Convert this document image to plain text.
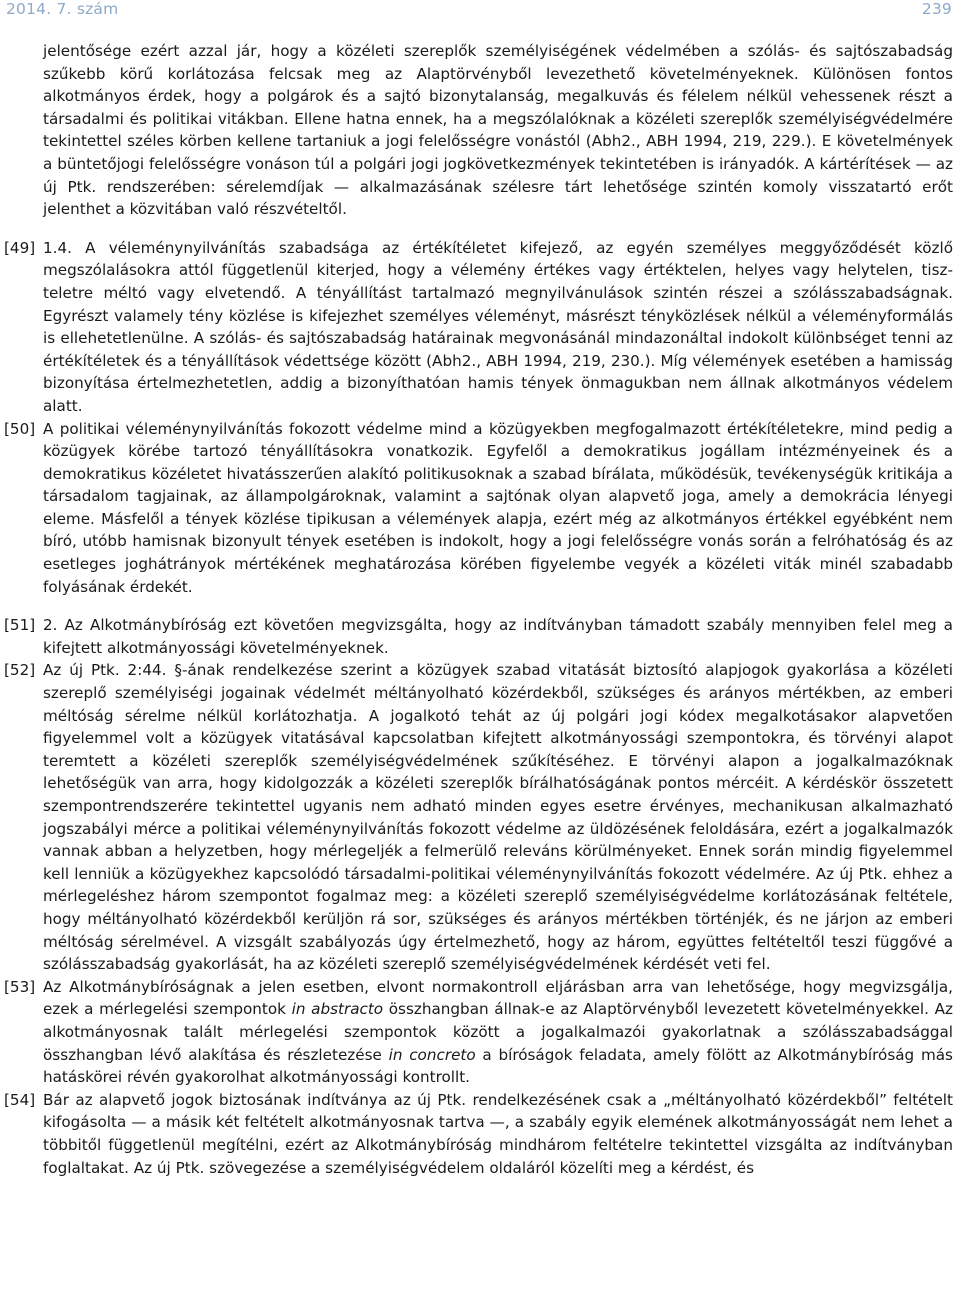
2014. 7. szám	239

jelentősége ezért azzal jár, hogy a közéleti szereplők személyiségének védelmében a szólás- és sajtószabadság szűkebb körű korlátozása felcsak meg az Alaptörvényből levezethető követelményeknek. Különösen fontos alkotmányos érdek, hogy a polgárok és a sajtó bizonytalanság, megalkuvás és félelem nélkül vehessenek részt a társadalmi és politikai vitákban. Ellene hatna ennek, ha a megszólalóknak a közéleti szereplők személyiségvédelmére tekintettel széles körben kellene tartaniuk a jogi felelősségre vonástól (Abh2., ABH 1994, 219, 229.). E követelmények a büntetőjogi felelősségre vonáson túl a polgári jogi jogkövetkezmények tekintetében is irányadók. A kártérítések — az új Ptk. rendszerében: sérelemdíjak — alkalmazásának szélesre tárt lehetősége szintén komoly visszatartó erőt jelenthet a közvitában való részvételtől.

[49] 1.4. A véleménynyilvánítás szabadsága az értékítéletet kifejező, az egyén személyes meggyőződését közlő megszólalásokra attól függetlenül kiterjed, hogy a vélemény értékes vagy értéktelen, helyes vagy helytelen, tiszteletre méltó vagy elvetendő. A tényállítást tartalmazó megnyilvánulások szintén részei a szólásszabadságnak. Egyrészt valamely tény közlése is kifejezhet személyes véleményt, másrészt tényközlések nélkül a véleményformálás is ellehetetlenülne. A szólás- és sajtószabadság határainak megvonásánál mindazonáltal indokolt különbséget tenni az értékítéletek és a tényállítások védettsége között (Abh2., ABH 1994, 219, 230.). Míg vélemények esetében a hamisság bizonyítása értelmezhetetlen, addig a bizonyíthatóan hamis tények önmagukban nem állnak alkotmányos védelem alatt.

[50] A politikai véleménynyilvánítás fokozott védelme mind a közügyekben megfogalmazott értékítéletekre, mind pedig a közügyek körébe tartozó tényállításokra vonatkozik. Egyfelől a demokratikus jogállam intézményeinek és a demokratikus közéletet hivatásszerűen alakító politikusoknak a szabad bírálata, működésük, tevékenységük kritikája a társadalom tagjainak, az állampolgároknak, valamint a sajtónak olyan alapvető joga, amely a demokrácia lényegi eleme. Másfelől a tények közlése tipikusan a vélemények alapja, ezért még az alkotmányos értékkel egyébként nem bíró, utóbb hamisnak bizonyult tények esetében is indokolt, hogy a jogi felelősségre vonás során a felróhatóság és az esetleges joghátrányok mértékének meghatározása körében figyelembe vegyék a közéleti viták minél szabadabb folyásának érdekét.

[51] 2. Az Alkotmánybíróság ezt követően megvizsgálta, hogy az indítványban támadott szabály mennyiben felel meg a kifejtett alkotmányossági követelményeknek.

[52] Az új Ptk. 2:44. §-ának rendelkezése szerint a közügyek szabad vitatását biztosító alapjogok gyakorlása a közéleti szereplő személyiségi jogainak védelmét méltányolható közérdekből, szükséges és arányos mértékben, az emberi méltóság sérelme nélkül korlátozhatja. A jogalkotó tehát az új polgári jogi kódex megalkotásakor alapvetően figyelemmel volt a közügyek vitatásával kapcsolatban kifejtett alkotmányossági szempontokra, és törvényi alapot teremtett a közéleti szereplők személyiségvédelmének szűkítéséhez. E törvényi alapon a jogalkalmazóknak lehetőségük van arra, hogy kidolgozzák a közéleti szereplők bírálhatóságának pontos mércéit. A kérdéskör összetett szempontrendszerére tekintettel ugyanis nem adható minden egyes esetre érvényes, mechanikusan alkalmazható jogszabályi mérce a politikai véleménynyilvánítás fokozott védelme az üldözésének feloldására, ezért a jogalkalmazók vannak abban a helyzetben, hogy mérlegeljék a felmerülő releváns körülményeket. Ennek során mindig figyelemmel kell lenniük a közügyekhez kapcsolódó társadalmi-politikai véleménynyilvánítás fokozott védelmére. Az új Ptk. ehhez a mérlegeléshez három szempontot fogalmaz meg: a közéleti szereplő személyiségvédelme korlátozásának feltétele, hogy méltányolható közérdekből kerüljön rá sor, szükséges és arányos mértékben történjék, és ne járjon az emberi méltóság sérelmével. A vizsgált szabályozás úgy értelmezhető, hogy az három, együttes feltételtől teszi függővé a szólásszabadság gyakorlását, ha az közéleti szereplő személyiségvédelmének kérdését veti fel.

[53] Az Alkotmánybíróságnak a jelen esetben, elvont normakontroll eljárásban arra van lehetősége, hogy megvizsgálja, ezek a mérlegelési szempontok in abstracto összhangban állnak-e az Alaptörvényből levezetett követelményekkel. Az alkotmányosnak talált mérlegelési szempontok között a jogalkalmazói gyakorlatnak a szólásszabadsággal összhangban lévő alakítása és részletezése in concreto a bíróságok feladata, amely fölött az Alkotmánybíróság más hatáskörei révén gyakorolhat alkotmányossági kontrollt.

[54] Bár az alapvető jogok biztosának indítványa az új Ptk. rendelkezésének csak a „méltányolható közérdekből” feltételt kifogásolta — a másik két feltételt alkotmányosnak tartva —, a szabály egyik elemének alkotmányosságát nem lehet a többitől függetlenül megítélni, ezért az Alkotmánybíróság mindhárom feltételre tekintettel vizsgálta az indítványban foglaltakat. Az új Ptk. szövegezése a személyiségvédelem oldaláról közelíti meg a kérdést, és
